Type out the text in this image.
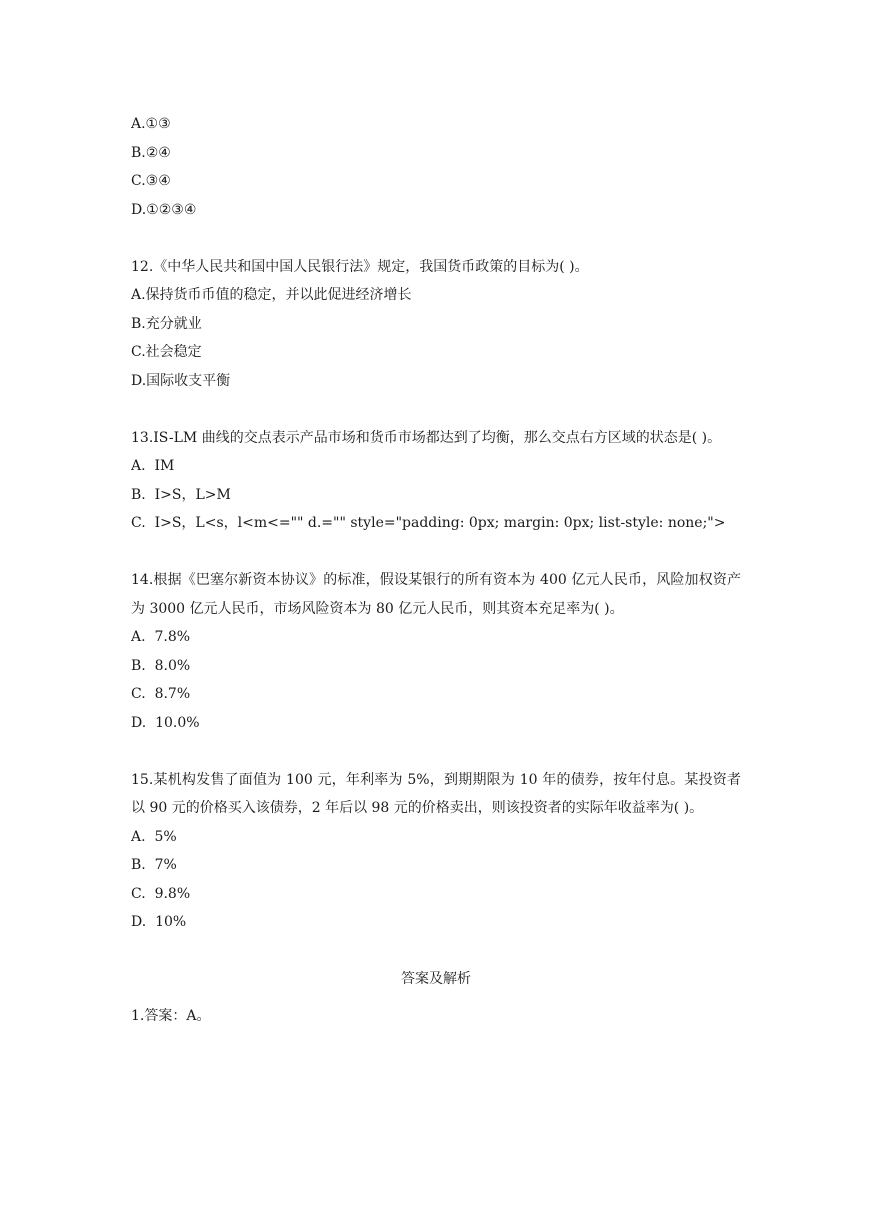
A.①③
B.②④
C.③④
D.①②③④
12.《中华人民共和国中国人民银行法》规定，我国货币政策的目标为( )。
A.保持货币币值的稳定，并以此促进经济增长
B.充分就业
C.社会稳定
D.国际收支平衡
13.IS-LM 曲线的交点表示产品市场和货币市场都达到了均衡，那么交点右方区域的状态是( )。
A.  IM
B.  I>S，L>M
C.  I>S，L<s，l<m<="" d.="" style="padding: 0px; margin: 0px; list-style: none;">
14.根据《巴塞尔新资本协议》的标准，假设某银行的所有资本为 400 亿元人民币，风险加权资产为 3000 亿元人民币，市场风险资本为 80 亿元人民币，则其资本充足率为( )。
A.  7.8%
B.  8.0%
C.  8.7%
D.  10.0%
15.某机构发售了面值为 100 元，年利率为 5%，到期期限为 10 年的债券，按年付息。某投资者以 90 元的价格买入该债券，2 年后以 98 元的价格卖出，则该投资者的实际年收益率为( )。
A.  5%
B.  7%
C.  9.8%
D.  10%
答案及解析
1.答案：A。
